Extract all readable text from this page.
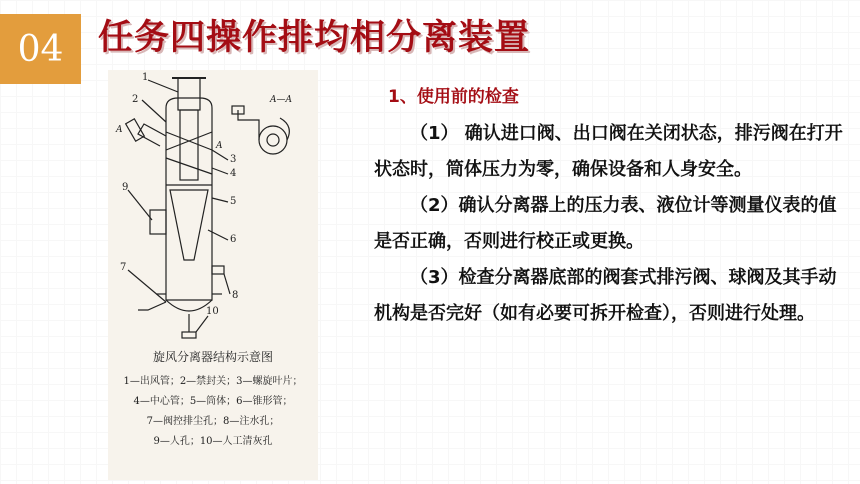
04 任务四操作排均相分离装置
A—A
A
A
1
2
3
4
5
6
7
8
9
10
旋风分离器结构示意图
1—出风管；2—禁封关；3—螺旋叶片；
4—中心管；5—筒体；6—锥形管；
7—阀控排尘孔；8—注水孔；
9—人孔；10—人工清灰孔
1、使用前的检查

（1） 确认进口阀、出口阀在关闭状态，排污阀在打开状态时，筒体压力为零，确保设备和人身安全。

（2）确认分离器上的压力表、液位计等测量仪表的值是否正确，否则进行校正或更换。

（3）检查分离器底部的阀套式排污阀、球阀及其手动机构是否完好（如有必要可拆开检查），否则进行处理。
